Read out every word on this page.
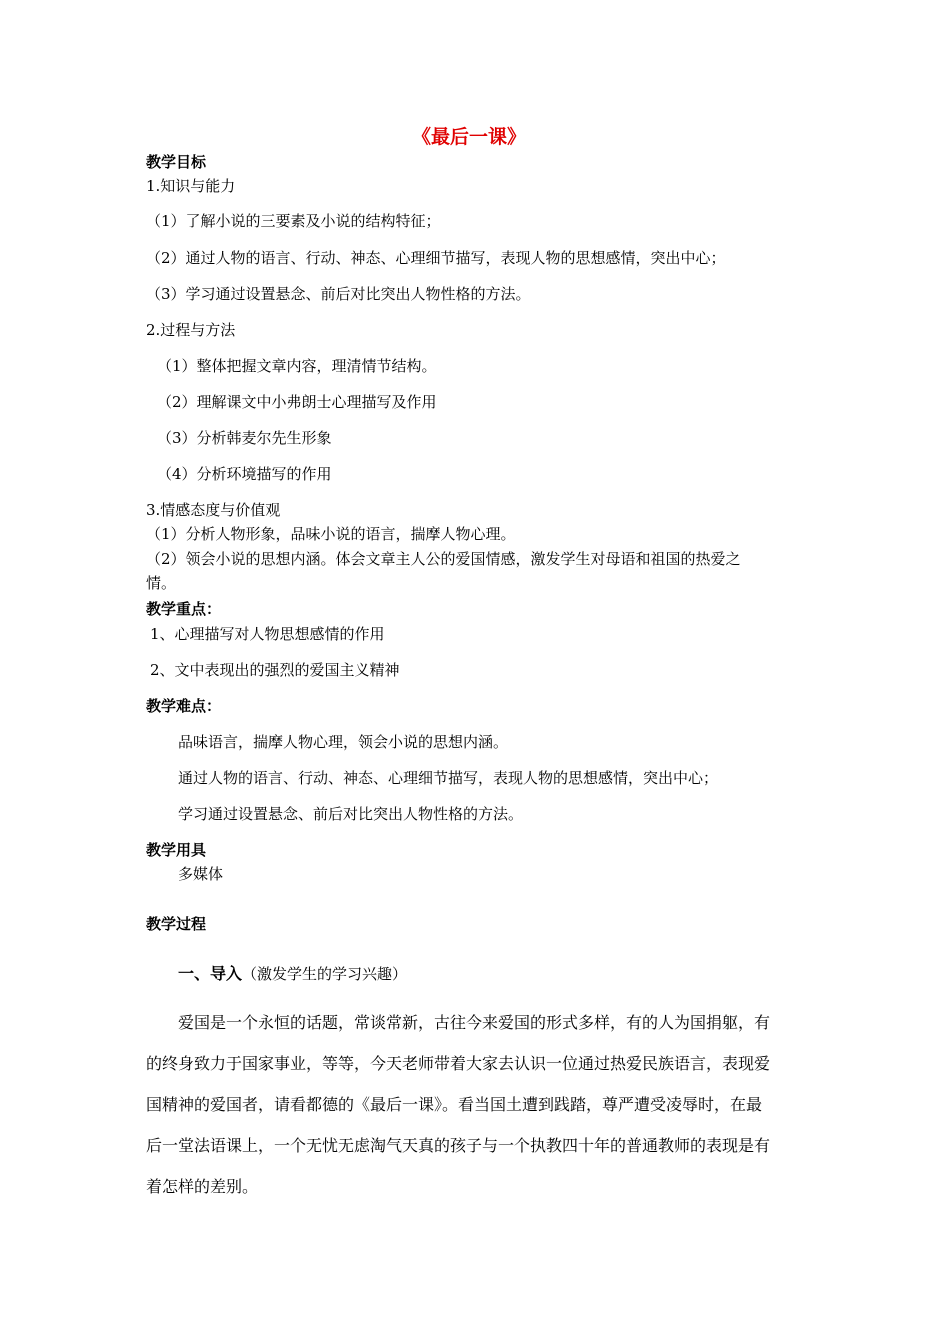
《最后一课》
教学目标
1.知识与能力
（1）了解小说的三要素及小说的结构特征；
（2）通过人物的语言、行动、神态、心理细节描写，表现人物的思想感情，突出中心；
（3）学习通过设置悬念、前后对比突出人物性格的方法。
2.过程与方法
（1）整体把握文章内容，理清情节结构。
（2）理解课文中小弗朗士心理描写及作用
（3）分析韩麦尔先生形象
（4）分析环境描写的作用
3.情感态度与价值观
（1）分析人物形象，品味小说的语言，揣摩人物心理。
（2）领会小说的思想内涵。体会文章主人公的爱国情感，激发学生对母语和祖国的热爱之
情。
教学重点：
1、心理描写对人物思想感情的作用
2、文中表现出的强烈的爱国主义精神
教学难点：
品味语言，揣摩人物心理，领会小说的思想内涵。
通过人物的语言、行动、神态、心理细节描写，表现人物的思想感情，突出中心；
学习通过设置悬念、前后对比突出人物性格的方法。
教学用具
多媒体
教学过程
一、导入（激发学生的学习兴趣）
爱国是一个永恒的话题，常谈常新，古往今来爱国的形式多样，有的人为国捐躯，有
的终身致力于国家事业，等等，今天老师带着大家去认识一位通过热爱民族语言，表现爱
国精神的爱国者，请看都德的《最后一课》。看当国土遭到践踏，尊严遭受凌辱时，在最
后一堂法语课上，一个无忧无虑淘气天真的孩子与一个执教四十年的普通教师的表现是有
着怎样的差别。
